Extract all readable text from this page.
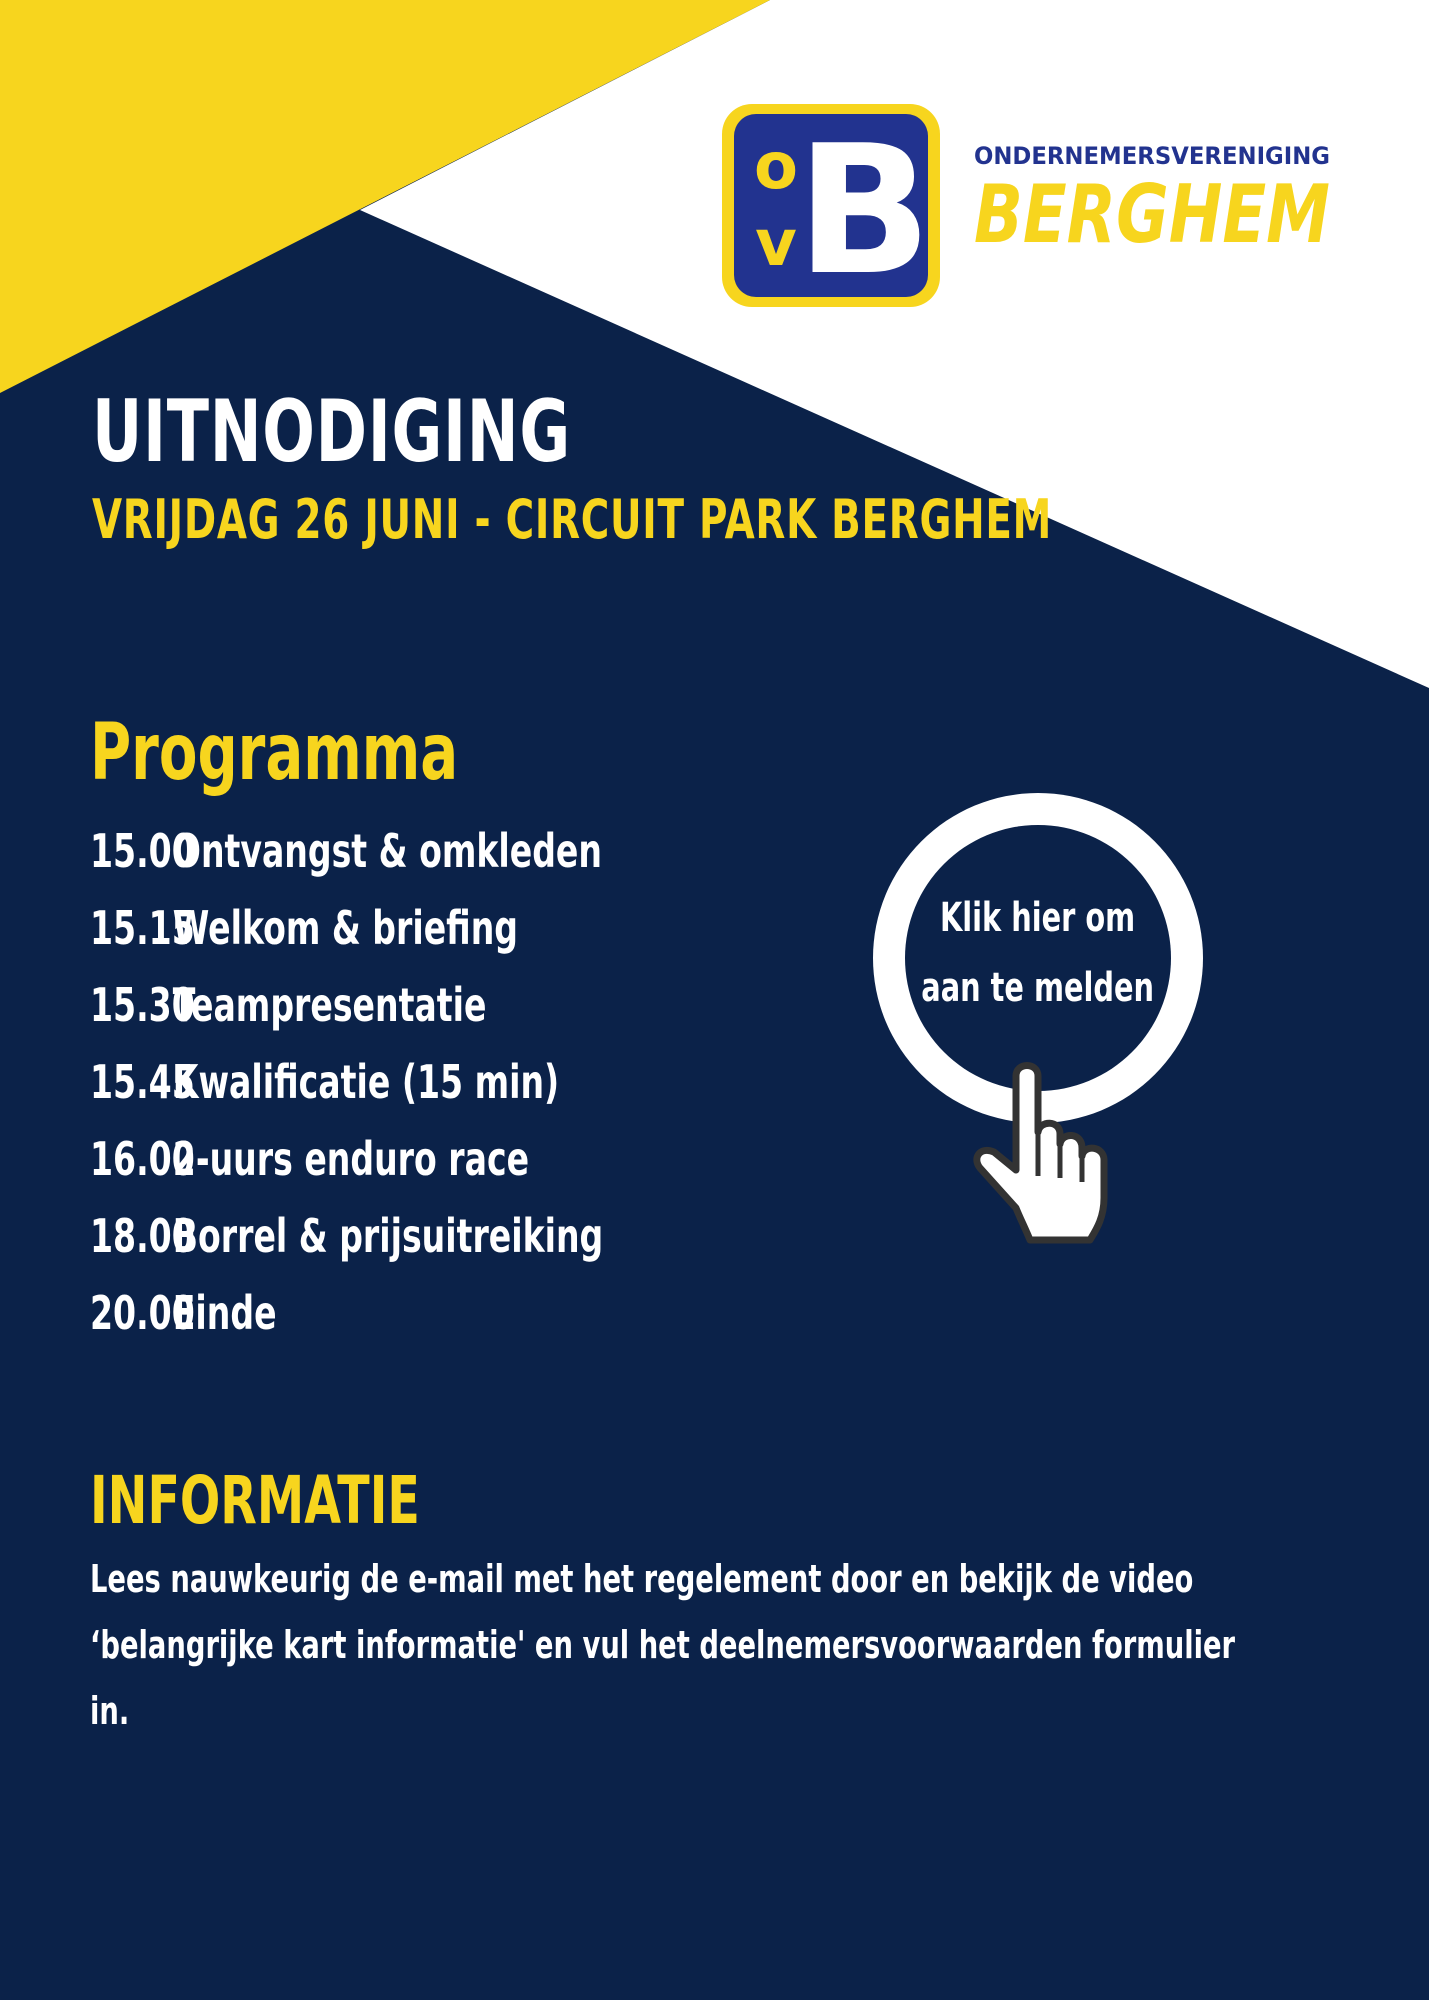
o
v B ONDERNEMERSVERENIGING
BERGHEM
UITNODIGING
VRIJDAG 26 JUNI - CIRCUIT PARK BERGHEM
Programma
15.00Ontvangst & omkleden
15.15Welkom & briefing
15.30Teampresentatie
15.45Kwalificatie (15 min)
16.002-uurs enduro race
18.00Borrel & prijsuitreiking
20.00Einde
Klik hier om
aan te melden
INFORMATIE
Lees nauwkeurig de e-mail met het regelement door en bekijk de video ‘belangrijke kart informatie' en vul het deelnemersvoorwaarden formulier in.
